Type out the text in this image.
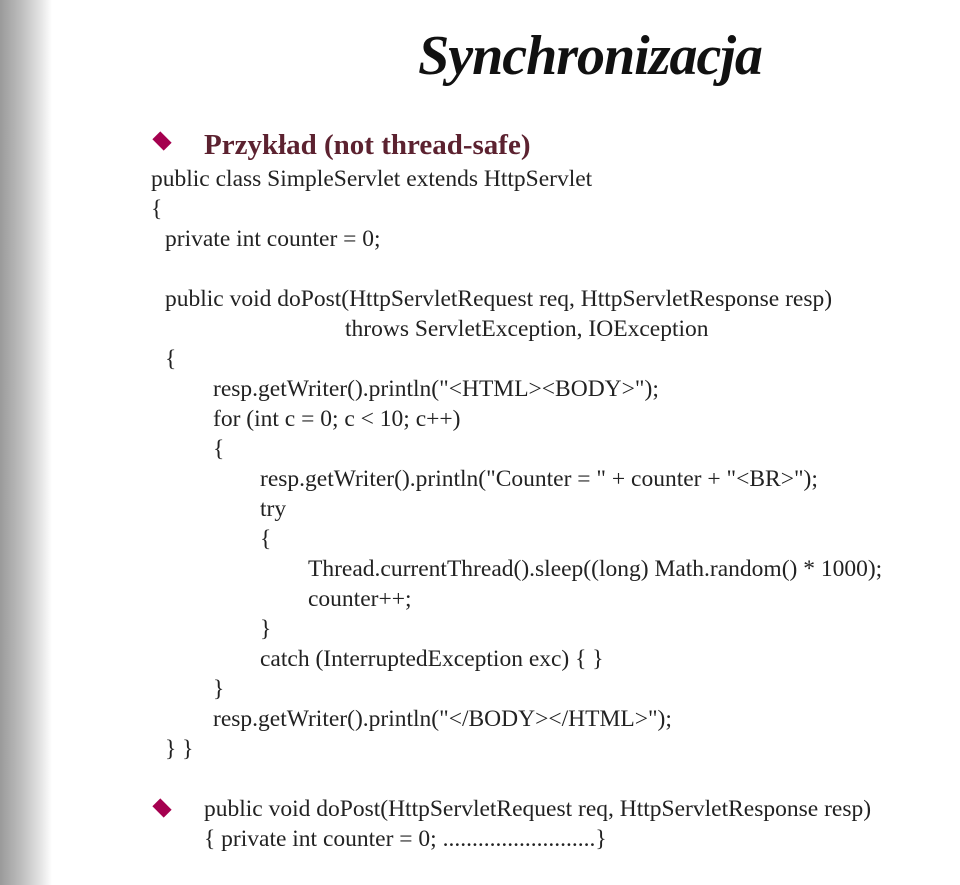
Synchronizacja
Przykład (not thread-safe)
public class SimpleServlet extends HttpServlet
{
private int counter = 0;
public void doPost(HttpServletRequest req, HttpServletResponse resp)
throws ServletException, IOException
{
resp.getWriter().println("<HTML><BODY>");
for (int c = 0; c < 10; c++)
{
resp.getWriter().println("Counter = " + counter + "<BR>");
try
{
Thread.currentThread().sleep((long) Math.random() * 1000);
counter++;
}
catch (InterruptedException exc) { }
}
resp.getWriter().println("</BODY></HTML>");
} }
public void doPost(HttpServletRequest req, HttpServletResponse resp)
{ private int counter = 0; ..........................}
